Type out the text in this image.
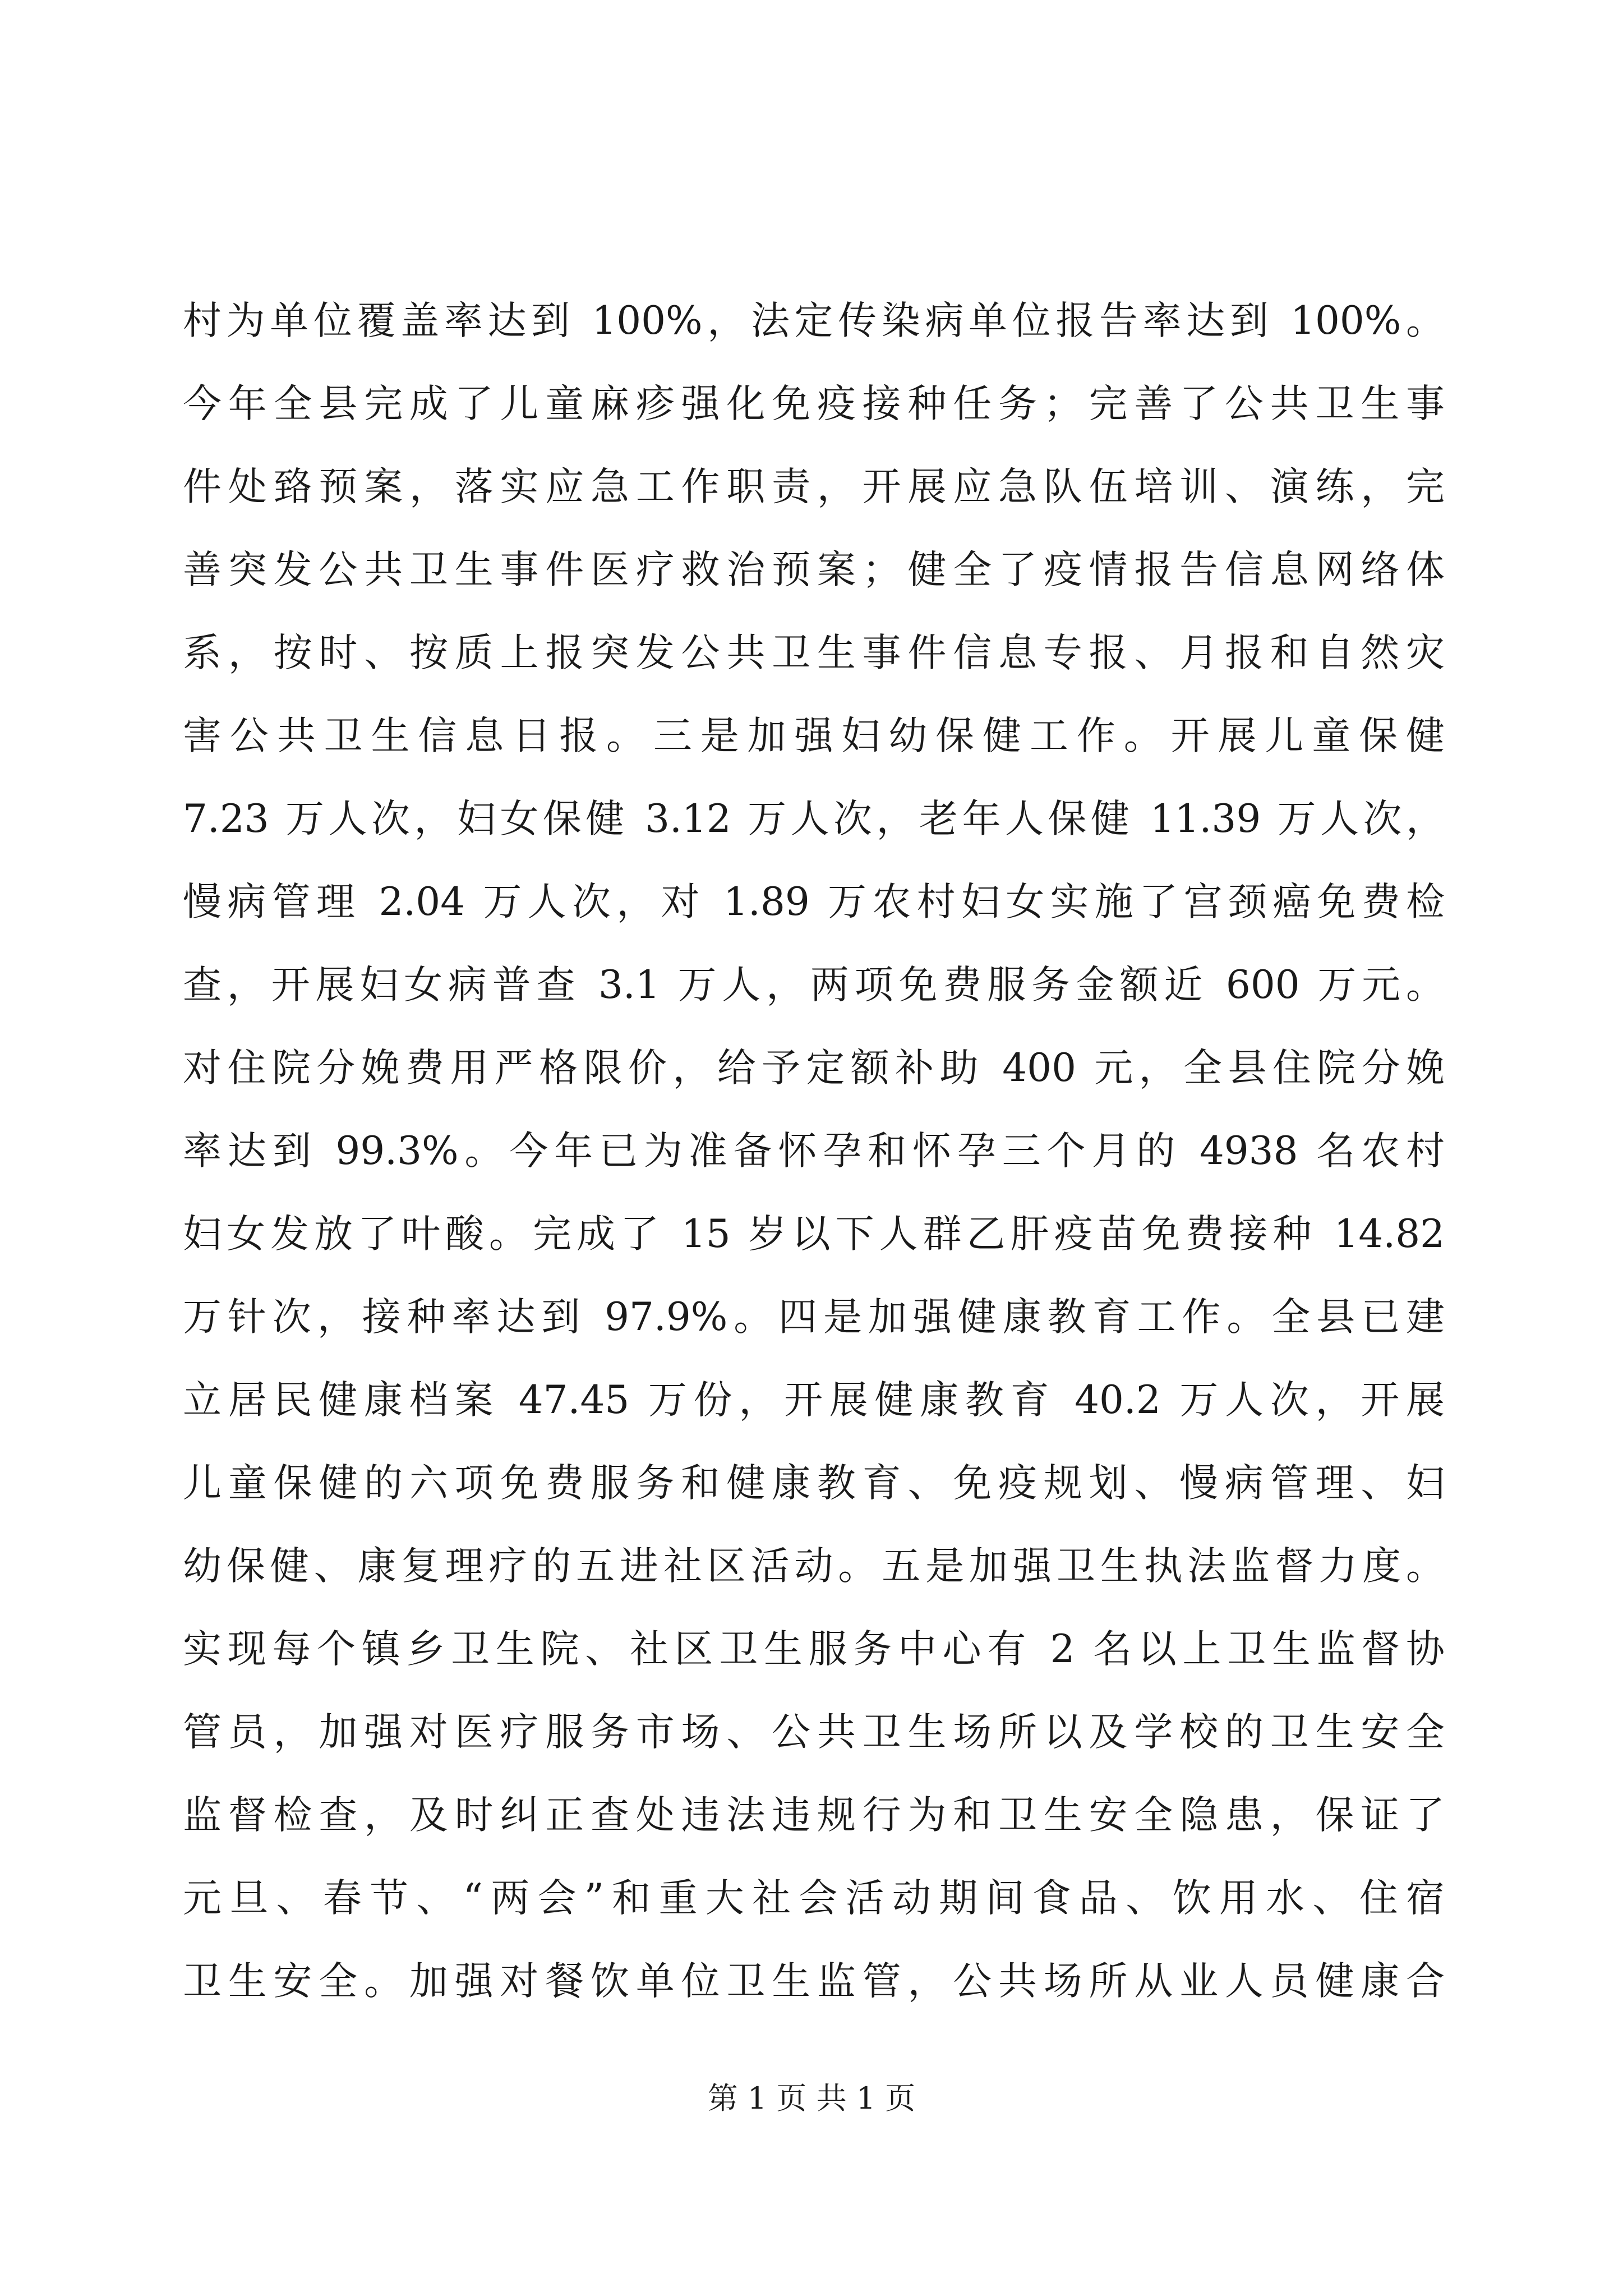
村为单位覆盖率达到 100%，法定传染病单位报告率达到 100%。
今年全县完成了儿童麻疹强化免疫接种任务；完善了公共卫生事
件处臵预案，落实应急工作职责，开展应急队伍培训、演练，完
善突发公共卫生事件医疗救治预案；健全了疫情报告信息网络体
系，按时、按质上报突发公共卫生事件信息专报、月报和自然灾
害公共卫生信息日报。三是加强妇幼保健工作。开展儿童保健
7.23 万人次，妇女保健 3.12 万人次，老年人保健 11.39 万人次，
慢病管理 2.04 万人次，对 1.89 万农村妇女实施了宫颈癌免费检
查，开展妇女病普查 3.1 万人，两项免费服务金额近 600 万元。
对住院分娩费用严格限价，给予定额补助 400 元，全县住院分娩
率达到 99.3%。今年已为准备怀孕和怀孕三个月的 4938 名农村
妇女发放了叶酸。完成了 15 岁以下人群乙肝疫苗免费接种 14.82
万针次，接种率达到 97.9%。四是加强健康教育工作。全县已建
立居民健康档案 47.45 万份，开展健康教育 40.2 万人次，开展
儿童保健的六项免费服务和健康教育、免疫规划、慢病管理、妇
幼保健、康复理疗的五进社区活动。五是加强卫生执法监督力度。
实现每个镇乡卫生院、社区卫生服务中心有 2 名以上卫生监督协
管员，加强对医疗服务市场、公共卫生场所以及学校的卫生安全
监督检查，及时纠正查处违法违规行为和卫生安全隐患，保证了
元旦、春节、“两会”和重大社会活动期间食品、饮用水、住宿
卫生安全。加强对餐饮单位卫生监管，公共场所从业人员健康合
第 1 页 共 1 页
